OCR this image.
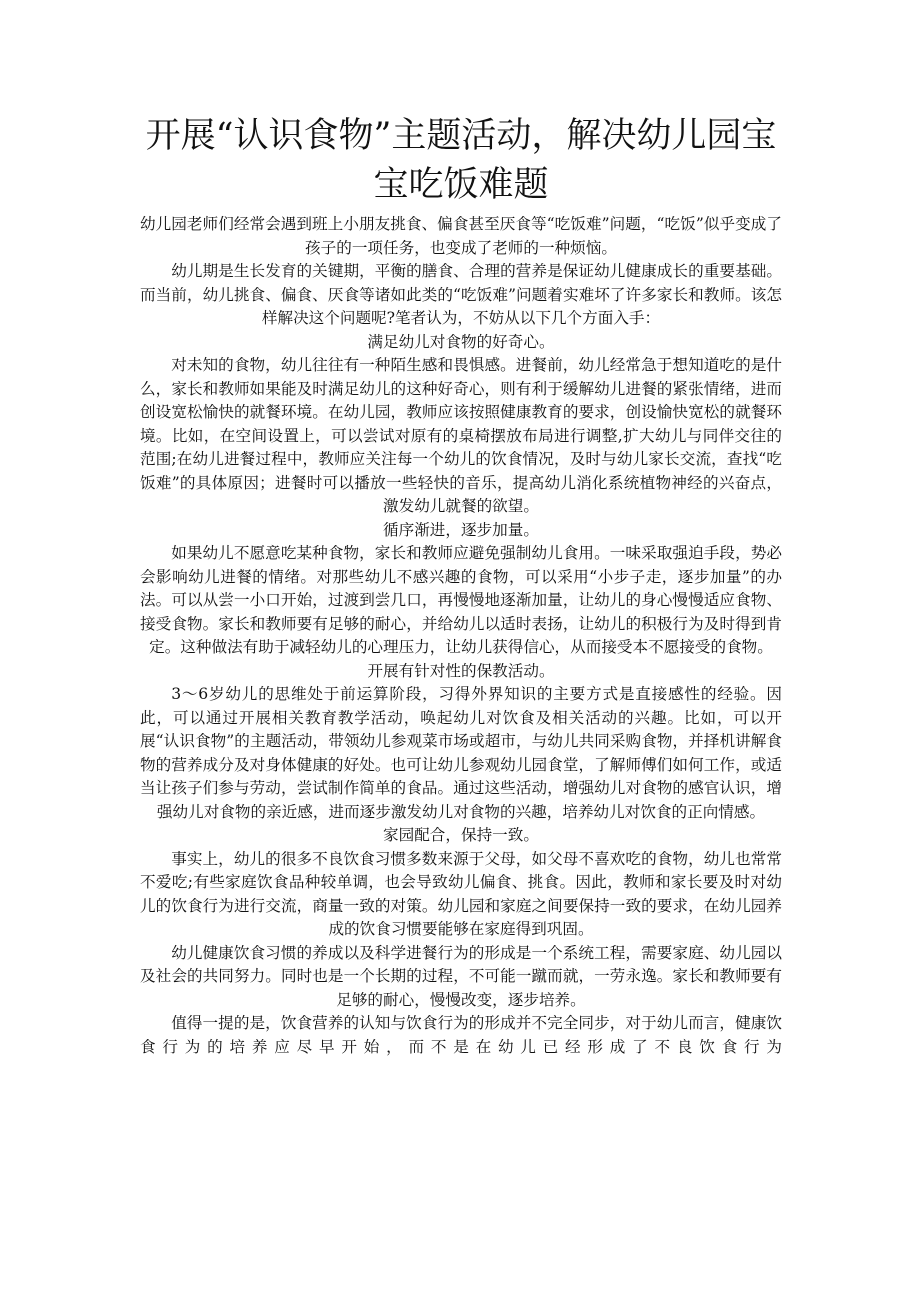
开展“认识食物”主题活动，解决幼儿园宝宝吃饭难题

幼儿园老师们经常会遇到班上小朋友挑食、偏食甚至厌食等“吃饭难”问题，“吃饭”似乎变成了孩子的一项任务，也变成了老师的一种烦恼。

幼儿期是生长发育的关键期，平衡的膳食、合理的营养是保证幼儿健康成长的重要基础。而当前，幼儿挑食、偏食、厌食等诸如此类的“吃饭难”问题着实难坏了许多家长和教师。该怎样解决这个问题呢?笔者认为，不妨从以下几个方面入手：

满足幼儿对食物的好奇心。

对未知的食物，幼儿往往有一种陌生感和畏惧感。进餐前，幼儿经常急于想知道吃的是什么，家长和教师如果能及时满足幼儿的这种好奇心，则有利于缓解幼儿进餐的紧张情绪，进而创设宽松愉快的就餐环境。在幼儿园，教师应该按照健康教育的要求，创设愉快宽松的就餐环境。比如，在空间设置上，可以尝试对原有的桌椅摆放布局进行调整,扩大幼儿与同伴交往的范围;在幼儿进餐过程中，教师应关注每一个幼儿的饮食情况，及时与幼儿家长交流，查找“吃饭难”的具体原因；进餐时可以播放一些轻快的音乐，提高幼儿消化系统植物神经的兴奋点，激发幼儿就餐的欲望。

循序渐进，逐步加量。

如果幼儿不愿意吃某种食物，家长和教师应避免强制幼儿食用。一味采取强迫手段，势必会影响幼儿进餐的情绪。对那些幼儿不感兴趣的食物，可以采用“小步子走，逐步加量”的办法。可以从尝一小口开始，过渡到尝几口，再慢慢地逐渐加量，让幼儿的身心慢慢适应食物、接受食物。家长和教师要有足够的耐心，并给幼儿以适时表扬，让幼儿的积极行为及时得到肯定。这种做法有助于减轻幼儿的心理压力，让幼儿获得信心，从而接受本不愿接受的食物。

开展有针对性的保教活动。

3～6岁幼儿的思维处于前运算阶段，习得外界知识的主要方式是直接感性的经验。因此，可以通过开展相关教育教学活动，唤起幼儿对饮食及相关活动的兴趣。比如，可以开展“认识食物”的主题活动，带领幼儿参观菜市场或超市，与幼儿共同采购食物，并择机讲解食物的营养成分及对身体健康的好处。也可让幼儿参观幼儿园食堂，了解师傅们如何工作，或适当让孩子们参与劳动，尝试制作简单的食品。通过这些活动，增强幼儿对食物的感官认识，增强幼儿对食物的亲近感，进而逐步激发幼儿对食物的兴趣，培养幼儿对饮食的正向情感。

家园配合，保持一致。

事实上，幼儿的很多不良饮食习惯多数来源于父母，如父母不喜欢吃的食物，幼儿也常常不爱吃;有些家庭饮食品种较单调，也会导致幼儿偏食、挑食。因此，教师和家长要及时对幼儿的饮食行为进行交流，商量一致的对策。幼儿园和家庭之间要保持一致的要求，在幼儿园养成的饮食习惯要能够在家庭得到巩固。

幼儿健康饮食习惯的养成以及科学进餐行为的形成是一个系统工程，需要家庭、幼儿园以及社会的共同努力。同时也是一个长期的过程，不可能一蹴而就，一劳永逸。家长和教师要有足够的耐心，慢慢改变，逐步培养。

值得一提的是，饮食营养的认知与饮食行为的形成并不完全同步，对于幼儿而言，健康饮食行为的培养应尽早开始，而不是在幼儿已经形成了不良饮食行为
